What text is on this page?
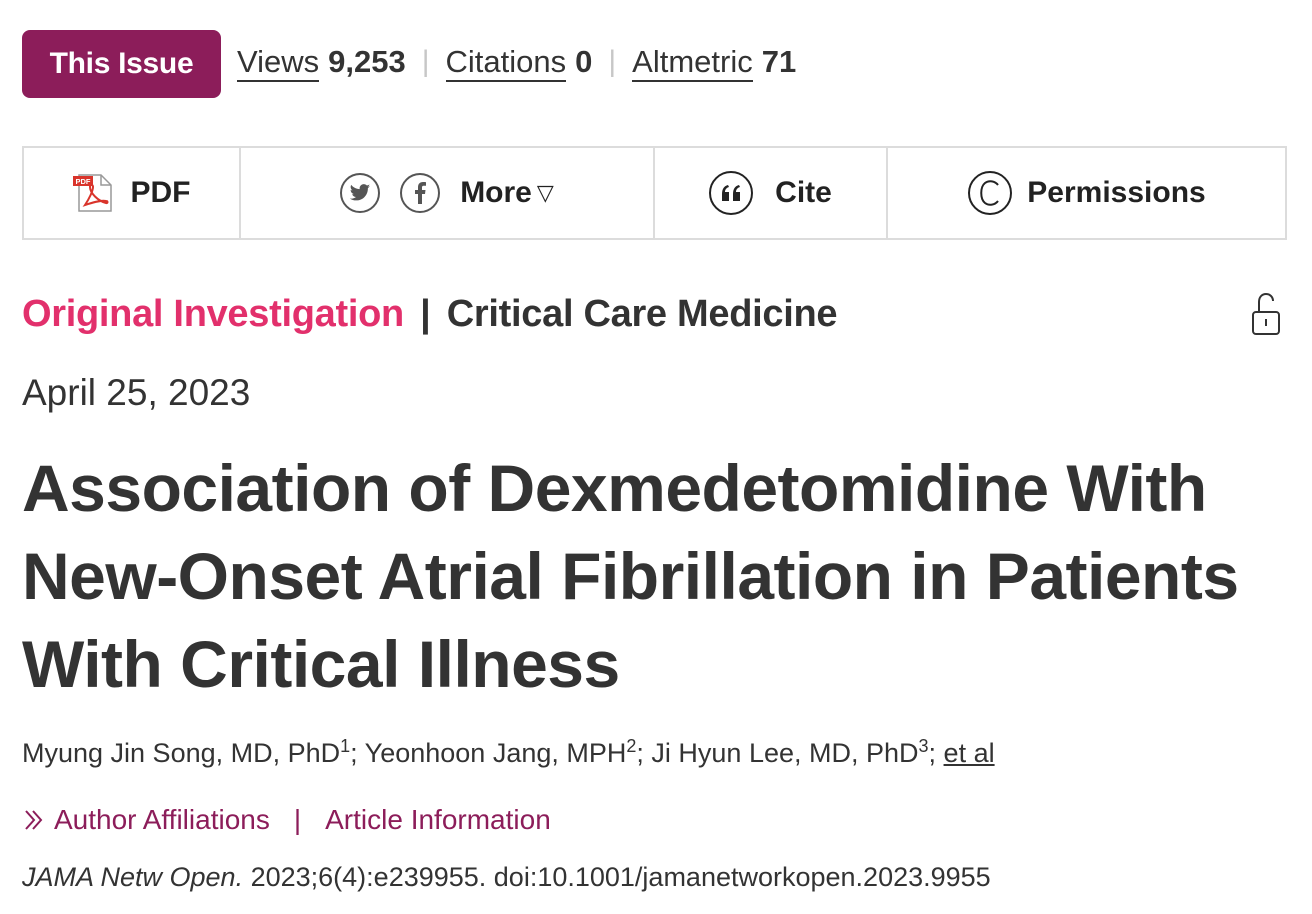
This Issue	Views 9,253 | Citations 0 | Altmetric 71
PDF PDF	More ▽	Cite	Permissions
Original Investigation | Critical Care Medicine
April 25, 2023
Association of Dexmedetomidine With New-Onset Atrial Fibrillation in Patients With Critical Illness
Myung Jin Song, MD, PhD$^1$; Yeonhoon Jang, MPH$^2$; Ji Hyun Lee, MD, PhD$^3$; et al
Author Affiliations | Article Information
JAMA Netw Open. 2023;6(4):e239955. doi:10.1001/jamanetworkopen.2023.9955
